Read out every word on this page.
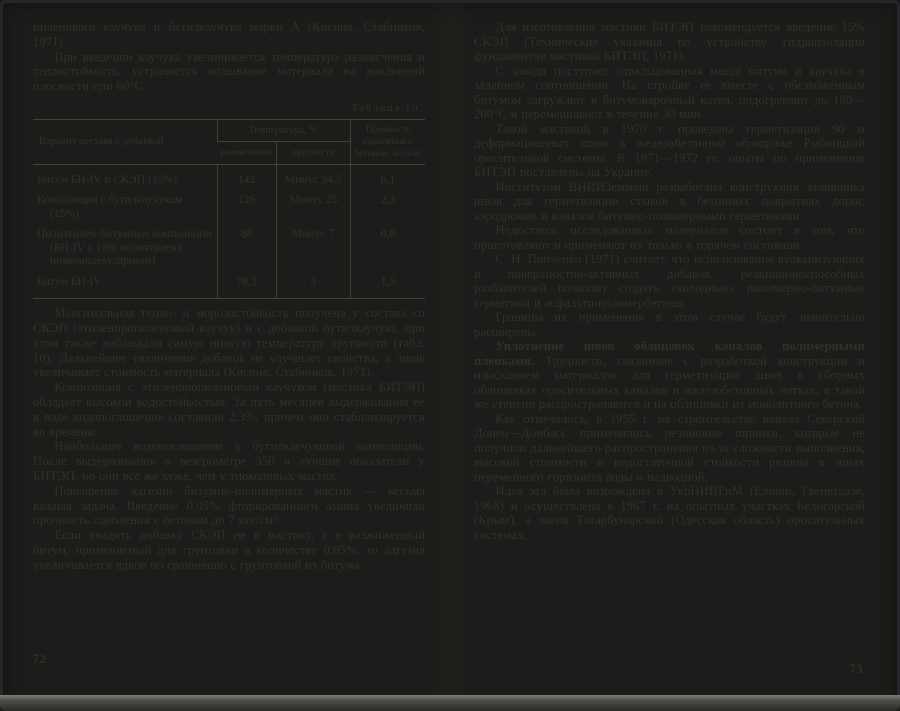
пиленового каучука и бутилкаучука марки А (Кисина, Стабников, 1971).

При введении каучука увеличивается температура размягчения и теплостойкость, устраняется оплывание материала на наклонной плоскости при 60°С.

Таблица 10
Вариант состава с добавкой	Температура, °С		Прочность сцепления с бетоном, кгс/см²
	размягчения	хрупкости	
Битум БН-IV и СКЭП (15%)	142	Минус 34,5	6,1
Композиция с бутилкаучуком (15%)	126	Минус 25	2,3
Полиэтилен-битумные композиции (БН-IV с 10% полиэтилена низкомолекулярного)	88	Минус 7	0,8
Битум БН-IV	78,5	5	1,5

Максимальная тепло- и морозостойкость получена у состава со СКЭП (этиленпропиленовый каучук) и с добавкой бутилкаучука, при этом также наблюдали самую низкую температуру хрупкости (табл. 10). Дальнейшее увеличение добавок не улучшает свойства, а лишь увеличивает стоимость материала (Кисина, Стабников, 1971).

Композиция с этиленпропиленовым каучуком (мастика БИТЭП) обладает высокой водостойкостью. За пять месяцев выдерживания ее в воде водопоглощение составило 2,3%, причем оно стабилизируется во времени.

Наибольшее водопоглощение у бутилкаучуковой композиции. После выдерживания в везерометре 350 ч лучшие показатели у БИТЭП, но они все же хуже, чем у тиоколовых мастик.

Повышение адгезии битумно-полимерных мастик — весьма важная задача. Введение 0,05% фторированного амина увеличило прочность сцепления с бетоном до 7 кгс/см².

Если вводить добавку СКЭП не в мастику, а в разжиженный битум, применяемый для грунтовки в количестве 0,05%, то адгезия увеличивается вдвое по сравнению с грунтовкой из битума.

72

Для изготовления мастики БИТЭП рекомендуется введение 15% СКЭП (Технические указания по устройству гидроизоляции фундаментов мастикой БИТЭП, 1971).

С завода поступает отвальцованная масса битума и каучука в заданном соотношении. На стройке ее вместе с обезвоженным битумом загружают в битумоварочный котел, подогревают до 180—200°С и перемешивают в течение 30 мин.

Такой мастикой в 1970 г. проведена герметизация 90 м деформационных швов в железобетонной облицовке Рыбницкой оросительной системы. В 1971—1972 гг. опыты по применению БИТЭП поставлены на Украине.

Институтом ВНИИЗеммаш разработана конструкция заливщика швов для герметизации стыков в бетонных покрытиях дорог, аэродромов и каналов битумно-полимерными герметиками.

Недостаток исследованных материалов состоит в том, что приготовляют и применяют их только в горячем состоянии.

С. Н. Попченко (1971) считает, что использование вулканизующих и поверхностно-активных добавок, реакционноспособных разбавителей позволит создать «холодные» полимерно-битумные герметики и асфальто-полимербетоны.

Границы их применения в этом случае будут значительно расширены.

Уплотнение швов облицовок каналов полимерными пленками. Трудности, связанные с разработкой конструкции и изысканием материалов для герметизации швов в сборных облицовках оросительных каналов и железобетонных лотках, в такой же степени распространяются и на облицовки из монолитного бетона.

Как отмечалось, в 1955 г. на строительстве канала Северский Донец—Донбасс применялись резиновые шпонки, которые не получили дальнейшего распространения из-за сложности выполнения, высокой стоимости и недостаточной стойкости резины в зонах переменного горизонта воды и надводной.

Идея эта была возрождена в УкрНИИГиМ (Елшин, Гвенетадзе, 1968) и осуществлена в 1967 г. на опытных участках Белогорской (Крым), а затем Татарбунарской (Одесская область) оросительных системах,

73
